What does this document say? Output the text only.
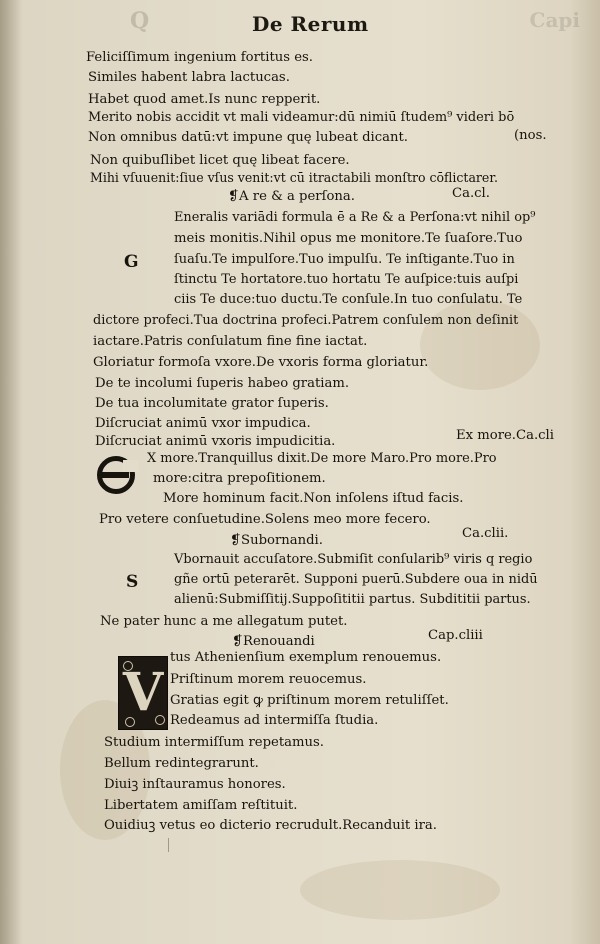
Q	Capi
De Rerum
Feliciſſimum ingenium fortitus es.
Similes habent labra lactucas.
Habet quod amet.Is nunc repperit.
Merito nobis accidit vt mali videamur:dū nimiū ſtudem⁹ videri bō
Non omnibus datū:vt impune quę lubeat dicant.	(nos.
Non quibuſlibet licet quę libeat facere.
Mihi vſuuenit:ſiue vſus venit:vt cū itractabili monſtro cōflictarer.
❡A re & a perſona.	Ca.cl.
Eneralis variādi formula ē a Re & a Perſona:vt nihil op⁹
meis monitis.Nihil opus me monitore.Te ſuaſore.Tuo
ſuaſu.Te impulſore.Tuo impulſu. Te inſtigante.Tuo in
G
ſtinctu Te hortatore.tuo hortatu Te auſpice:tuis auſpi
ciis Te duce:tuo ductu.Te conſule.In tuo conſulatu. Te
dictore profeci.Tua doctrina profeci.Patrem conſulem non deſinit
iactare.Patris conſulatum fine fine iactat.
Gloriatur formoſa vxore.De vxoris forma gloriatur.
De te incolumi ſuperis habeo gratiam.
De tua incolumitate grator ſuperis.
Diſcruciat animū vxor impudica.
Diſcruciat animū vxoris impudicitia.	Ex more.Ca.cli
X more.Tranquillus dixit.De more Maro.Pro more.Pro
more:citra prepoſitionem.
More hominum facit.Non inſolens iſtud facis.
Pro vetere conſuetudine.Solens meo more fecero.
❡Subornandi.	Ca.clii.
Vbornauit accuſatore.Submiſit conſularib⁹ viris q regio
gñe ortū peterarēt. Supponi puerū.Subdere oua in nidū
S
alienū:Submiſſitij.Suppoſititii partus. Subdititii partus.
Ne pater hunc a me allegatum putet.
❡Renouandi	Cap.cliii
V
tus Athenienſium exemplum renouemus.
Priſtinum morem reuocemus.
Gratias egit ꝙ priſtinum morem retuliſſet.
Redeamus ad intermiſſa ſtudia.
Studium intermiſſum repetamus.
Bellum redintegrarunt.
Diuiꝫ inſtauramus honores.
Libertatem amiſſam reſtituit.
Ouidiuꝫ vetus eo dicterio recrudult.Recanduit ira.
